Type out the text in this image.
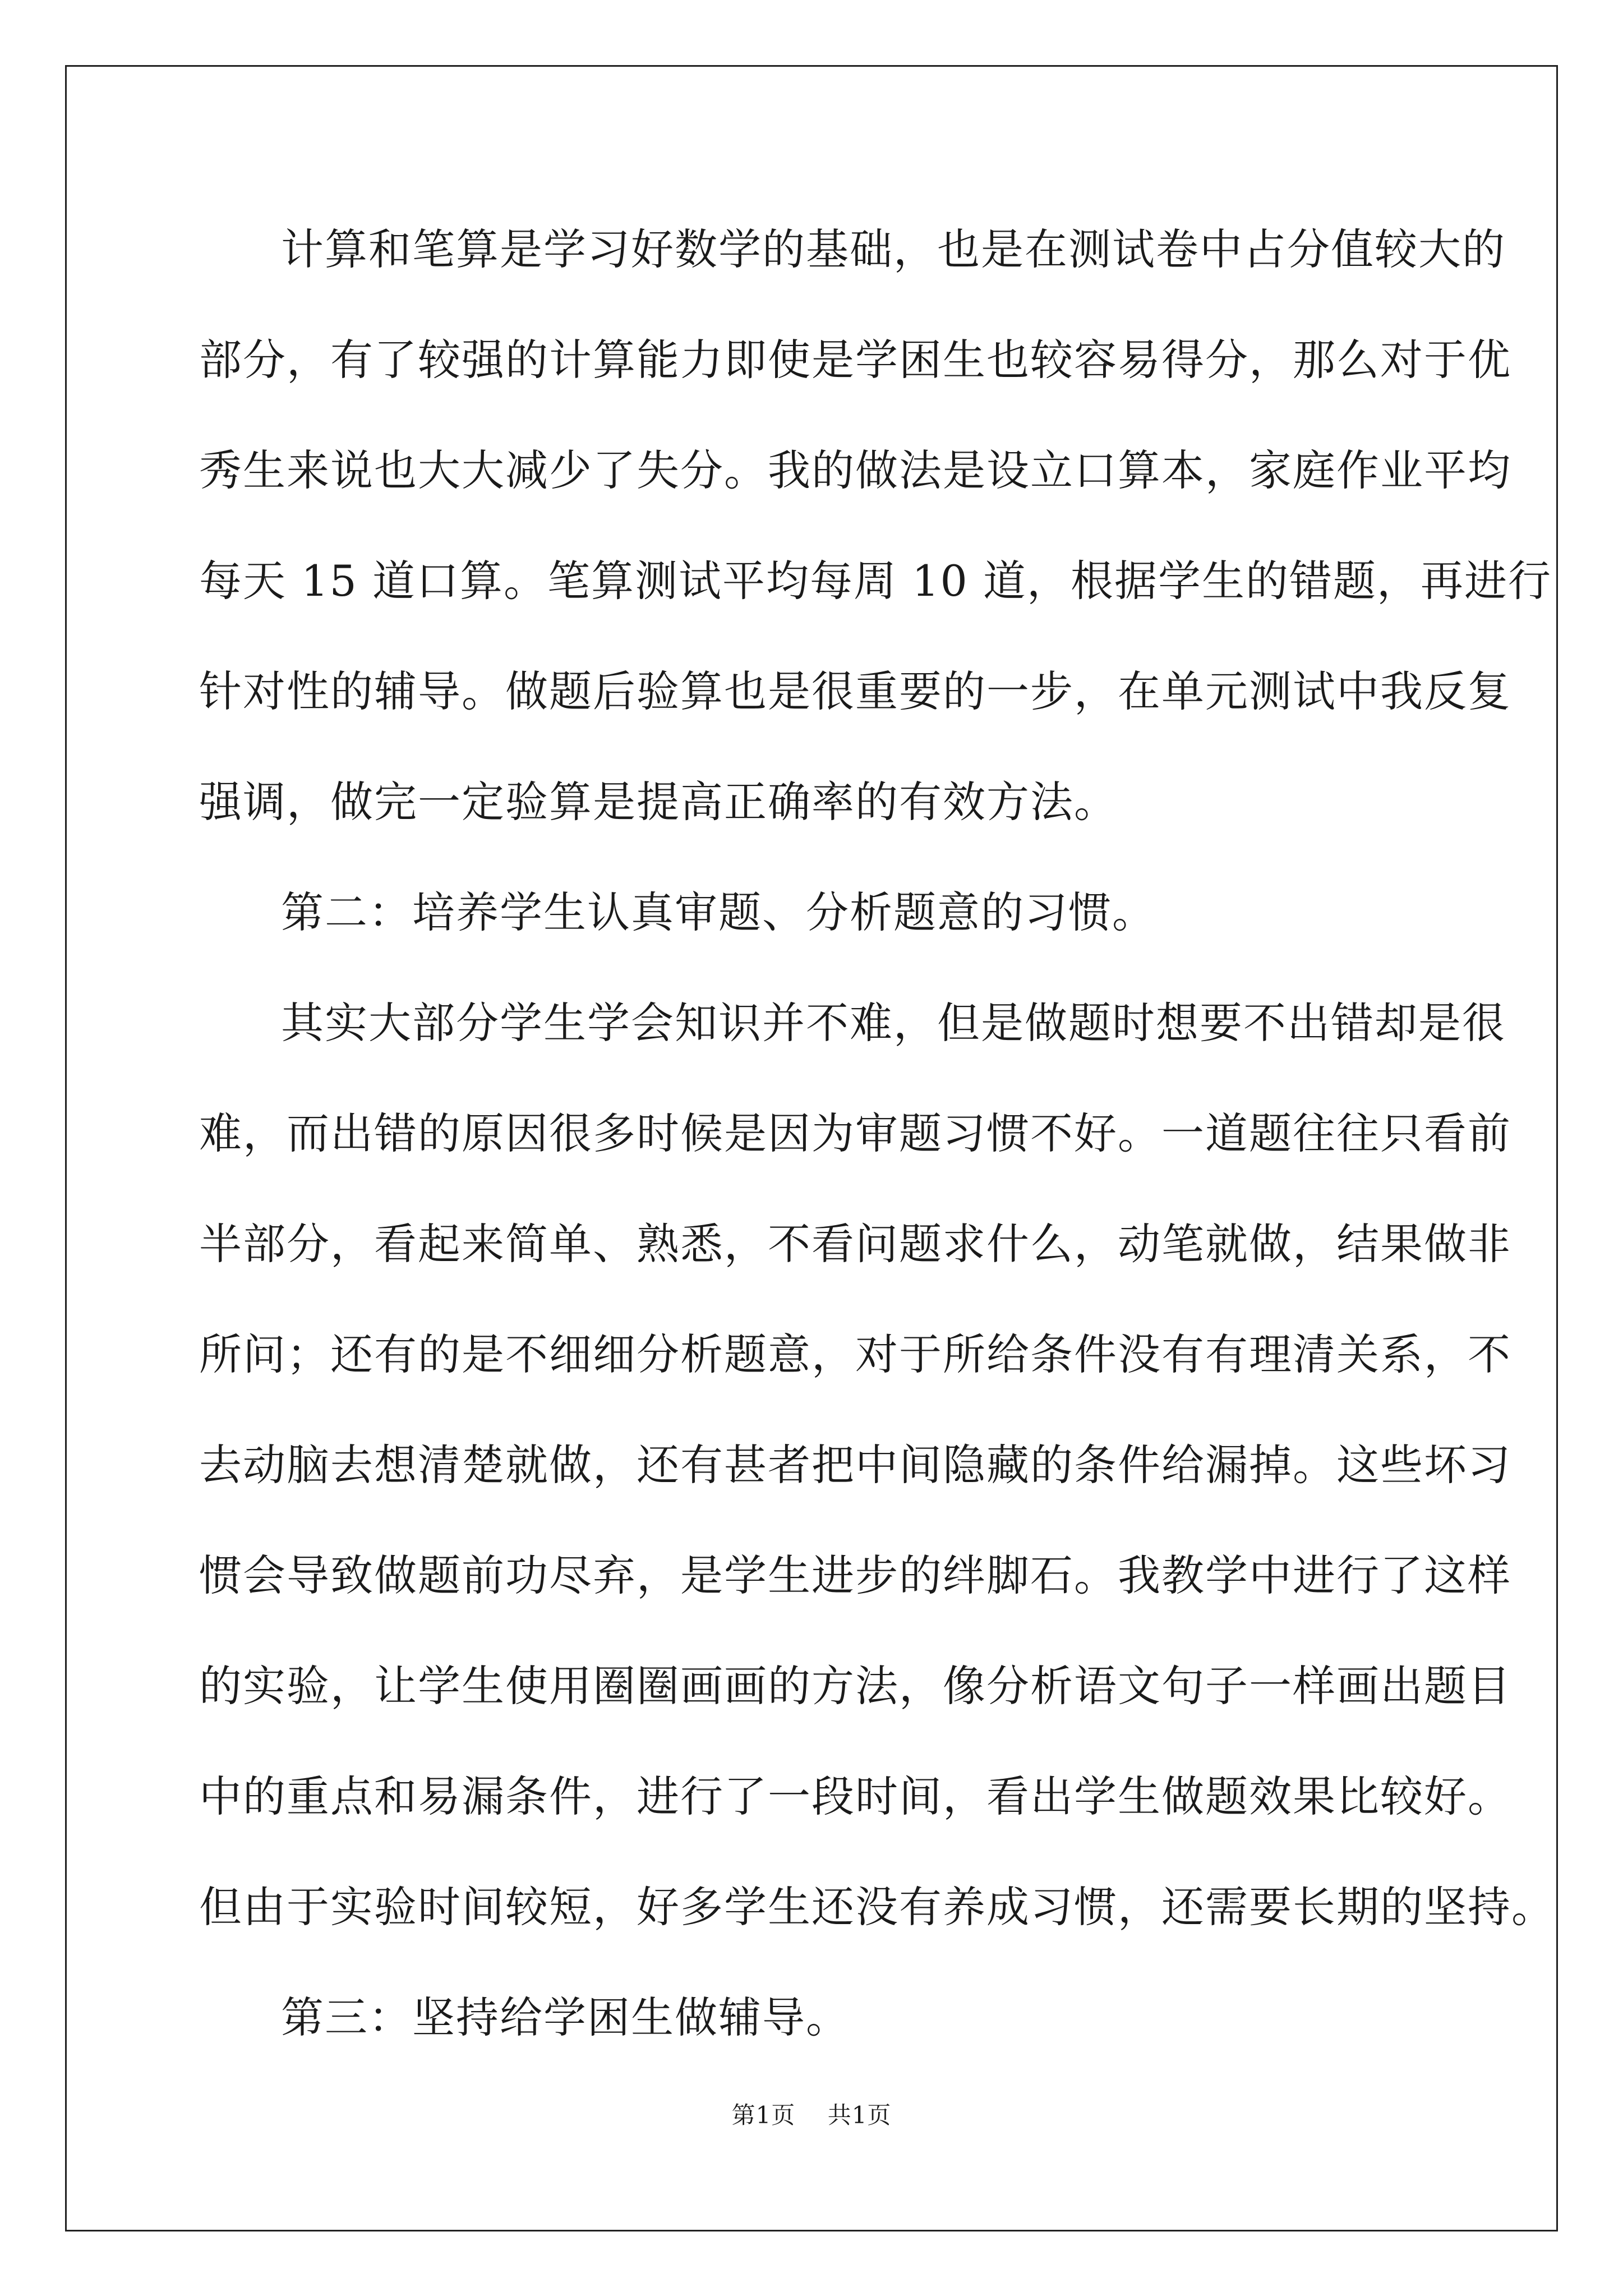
计算和笔算是学习好数学的基础，也是在测试卷中占分值较大的
部分，有了较强的计算能力即使是学困生也较容易得分，那么对于优
秀生来说也大大减少了失分。我的做法是设立口算本，家庭作业平均
每天 15 道口算。笔算测试平均每周 10 道，根据学生的错题，再进行
针对性的辅导。做题后验算也是很重要的一步，在单元测试中我反复
强调，做完一定验算是提高正确率的有效方法。
第二：培养学生认真审题、分析题意的习惯。
其实大部分学生学会知识并不难，但是做题时想要不出错却是很
难，而出错的原因很多时候是因为审题习惯不好。一道题往往只看前
半部分，看起来简单、熟悉，不看问题求什么，动笔就做，结果做非
所问；还有的是不细细分析题意，对于所给条件没有有理清关系，不
去动脑去想清楚就做，还有甚者把中间隐藏的条件给漏掉。这些坏习
惯会导致做题前功尽弃，是学生进步的绊脚石。我教学中进行了这样
的实验，让学生使用圈圈画画的方法，像分析语文句子一样画出题目
中的重点和易漏条件，进行了一段时间，看出学生做题效果比较好。
但由于实验时间较短，好多学生还没有养成习惯，还需要长期的坚持。
第三：坚持给学困生做辅导。
第1页 共1页
